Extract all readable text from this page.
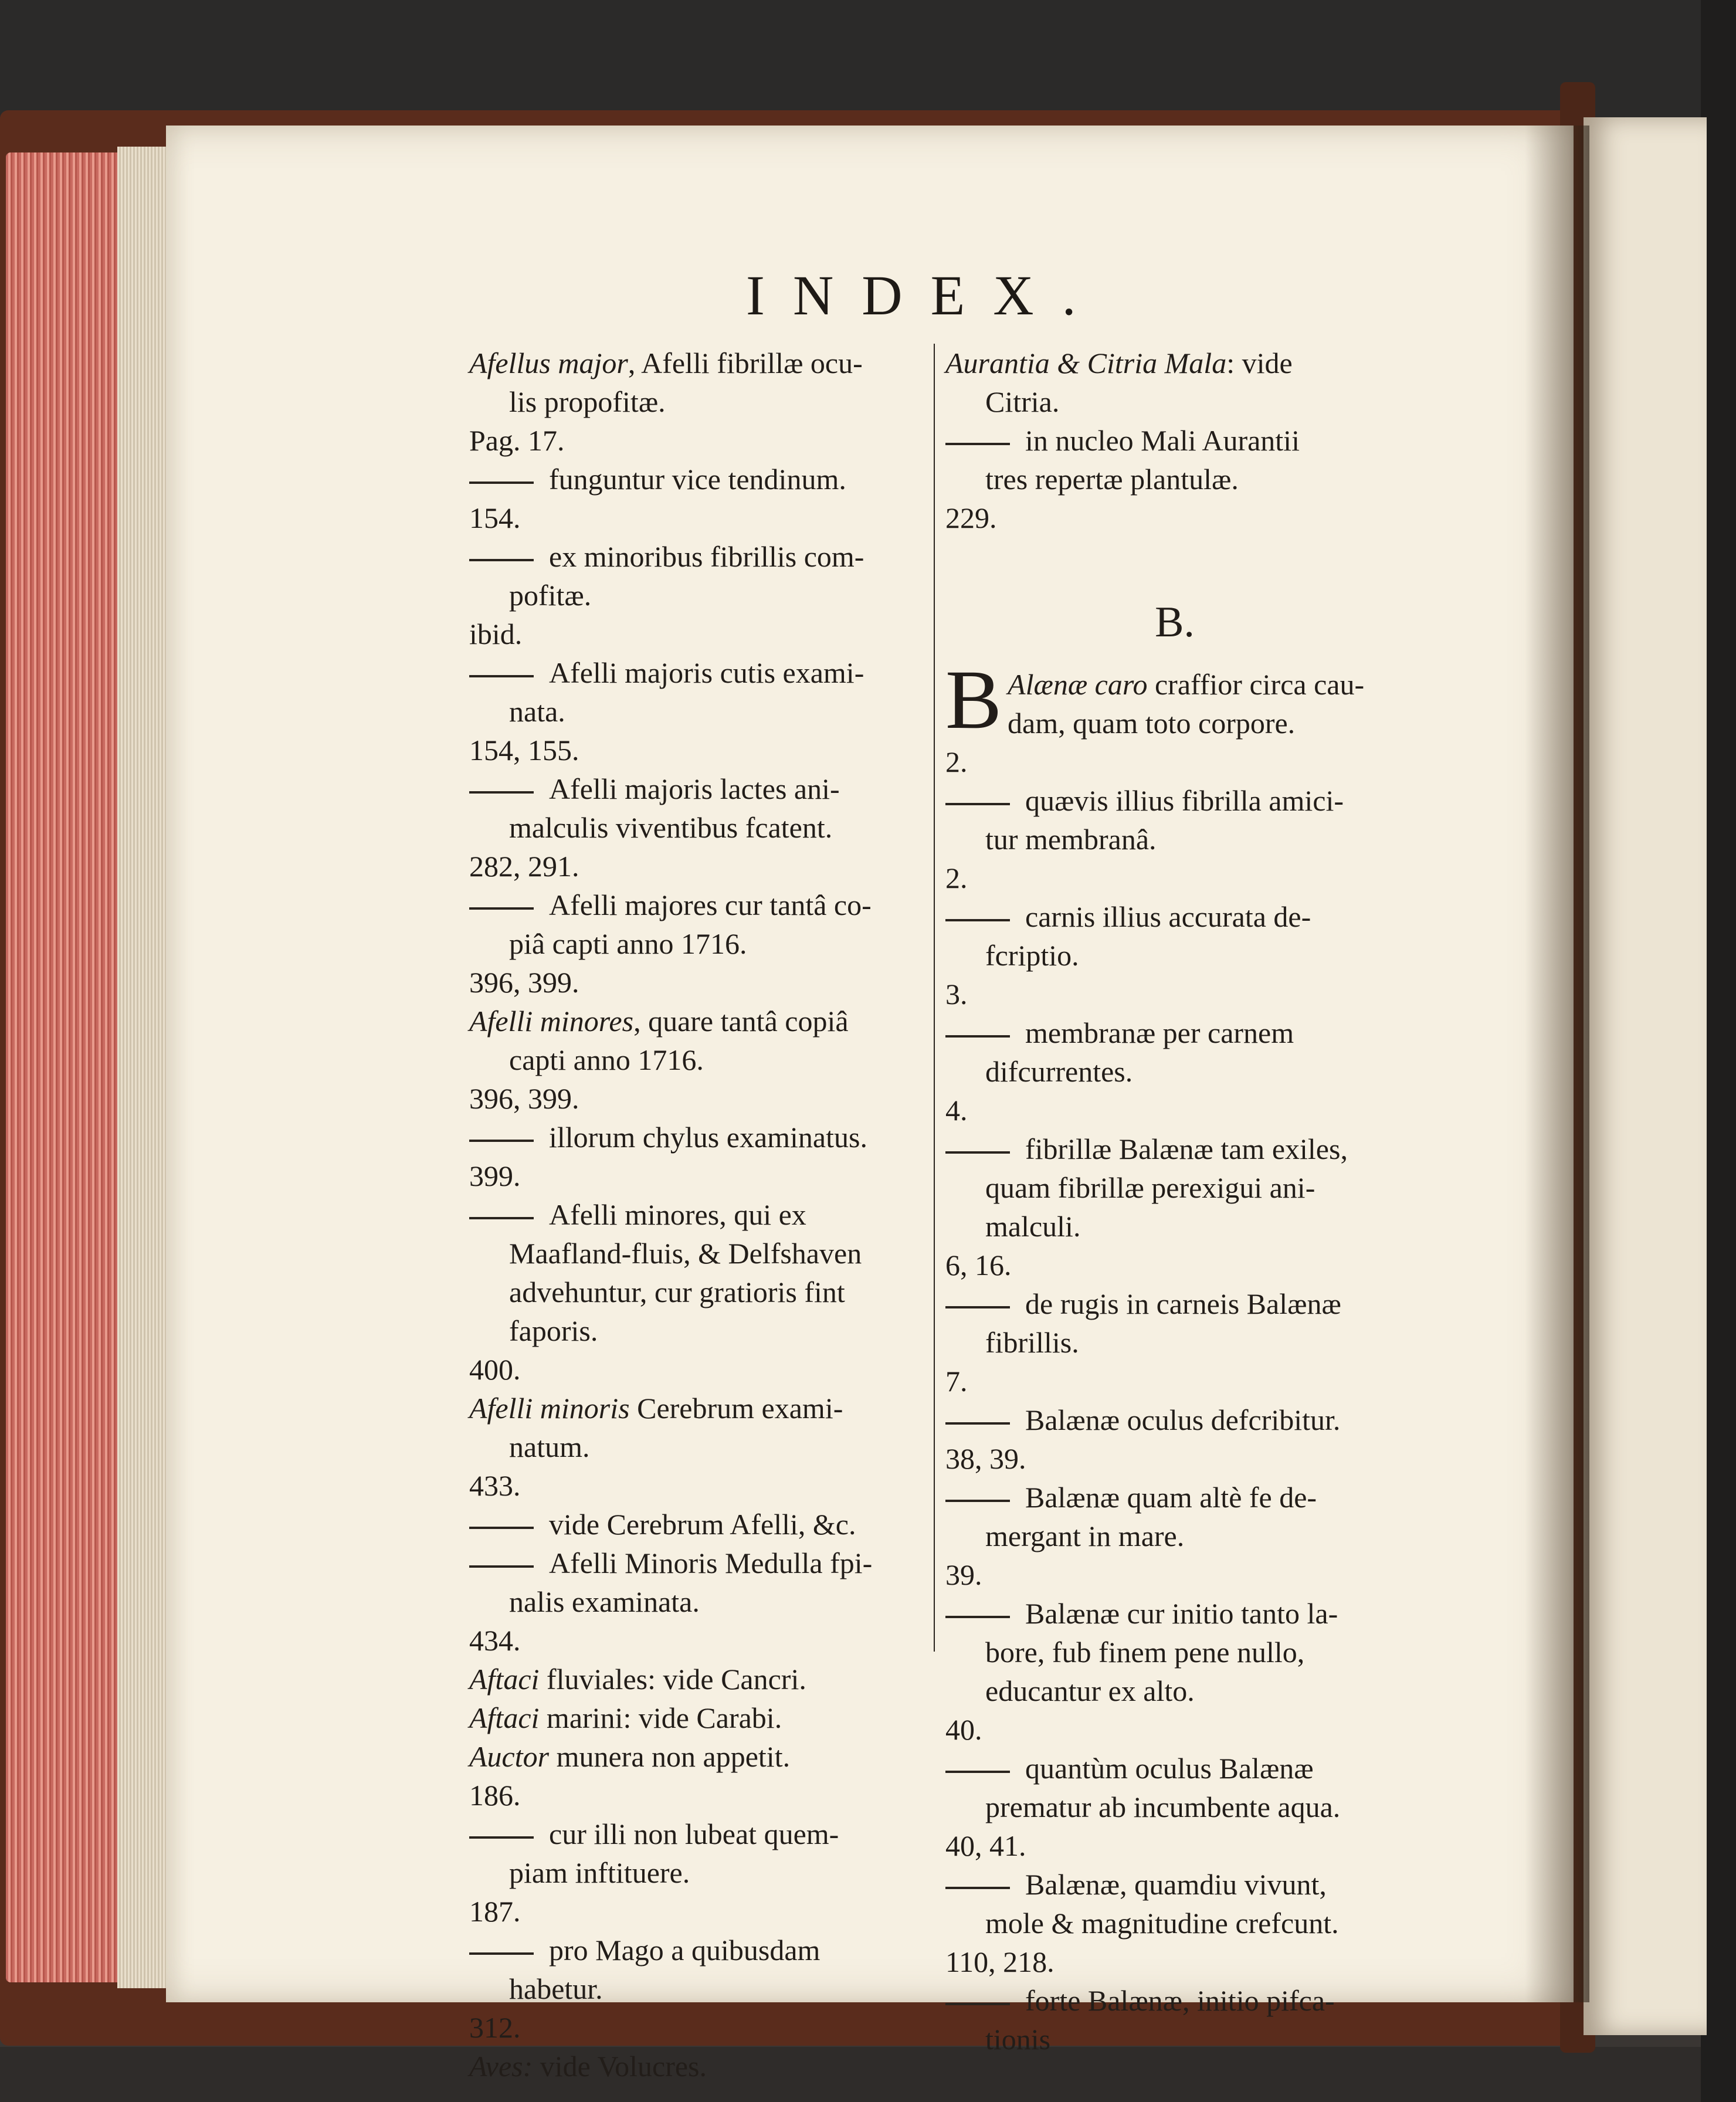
INDEX.
Afellus major, Afelli fibrillæ ocu-
lis propofitæ.
Pag. 17.
funguntur vice tendinum.
154.
ex minoribus fibrillis com-
pofitæ.
ibid.
Afelli majoris cutis exami-
nata.
154, 155.
Afelli majoris lactes ani-
malculis viventibus fcatent.
282, 291.
Afelli majores cur tantâ co-
piâ capti anno 1716.
396, 399.
Afelli minores, quare tantâ copiâ
capti anno 1716.
396, 399.
illorum chylus examinatus.
399.
Afelli minores, qui ex
Maafland-fluis, & Delfshaven
advehuntur, cur gratioris fint
faporis.
400.
Afelli minoris Cerebrum exami-
natum.
433.
vide Cerebrum Afelli, &c.
Afelli Minoris Medulla fpi-
nalis examinata.
434.
Aftaci fluviales: vide Cancri.
Aftaci marini: vide Carabi.
Auctor munera non appetit.
186.
cur illi non lubeat quem-
piam inftituere.
187.
pro Mago a quibusdam
habetur.
312.
Aves: vide Volucres.
Aurantia & Citria Mala: vide
Citria.
in nucleo Mali Aurantii
tres repertæ plantulæ.
229.
B.
B Alænæ caro craffior circa cau-
dam, quam toto corpore.
2.
quævis illius fibrilla amici-
tur membranâ.
2.
carnis illius accurata de-
fcriptio.
3.
membranæ per carnem
difcurrentes.
4.
fibrillæ Balænæ tam exiles,
quam fibrillæ perexigui ani-
malculi.
6, 16.
de rugis in carneis Balænæ
fibrillis.
7.
Balænæ oculus defcribitur.
38, 39.
Balænæ quam altè fe de-
mergant in mare.
39.
Balænæ cur initio tanto la-
bore, fub finem pene nullo,
educantur ex alto.
40.
quantùm oculus Balænæ
prematur ab incumbente aqua.
40, 41.
Balænæ, quamdiu vivunt,
mole & magnitudine crefcunt.
110, 218.
forte Balænæ, initio pifca-
tionis
